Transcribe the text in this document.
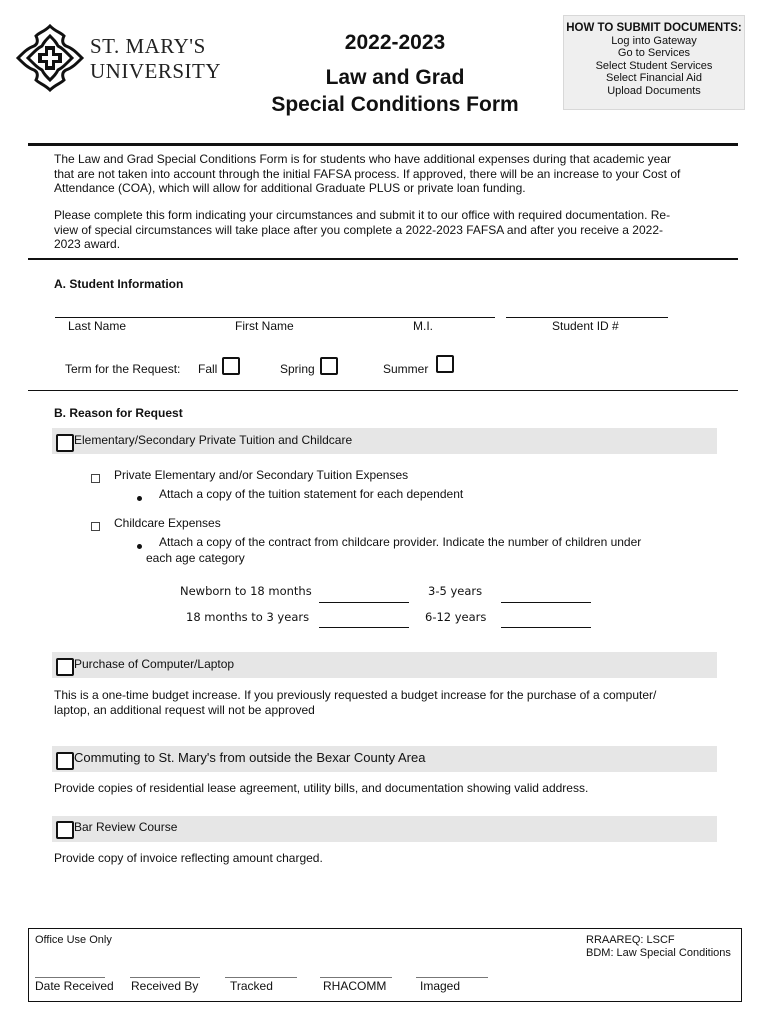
ST. MARY'S
UNIVERSITY
2022-2023
Law and Grad
Special Conditions Form
HOW TO SUBMIT DOCUMENTS:
Log into Gateway
Go to Services
Select Student Services
Select Financial Aid
Upload Documents
The Law and Grad Special Conditions Form is for students who have additional expenses during that academic year
that are not taken into account through the initial FAFSA process. If approved, there will be an increase to your Cost of
Attendance (COA), which will allow for additional Graduate PLUS or private loan funding.
Please complete this form indicating your circumstances and submit it to our office with required documentation. Re-
view of special circumstances will take place after you complete a 2022-2023 FAFSA and after you receive a 2022-
2023 award.
A. Student Information
Last Name	First Name	M.I.	Student ID #
Term for the Request: Fall	Spring	Summer
B. Reason for Request
Elementary/Secondary Private Tuition and Childcare
Private Elementary and/or Secondary Tuition Expenses
Attach a copy of the tuition statement for each dependent
Childcare Expenses
Attach a copy of the contract from childcare provider. Indicate the number of children under
each age category
Newborn to 18 months	3-5 years
18 months to 3 years	6-12 years
Purchase of Computer/Laptop
This is a one-time budget increase. If you previously requested a budget increase for the purchase of a computer/
laptop, an additional request will not be approved
Commuting to St. Mary's from outside the Bexar County Area
Provide copies of residential lease agreement, utility bills, and documentation showing valid address.
Bar Review Course
Provide copy of invoice reflecting amount charged.
Office Use Only	RRAAREQ: LSCF
BDM: Law Special Conditions
Date Received Received By	Tracked	RHACOMM	Imaged
